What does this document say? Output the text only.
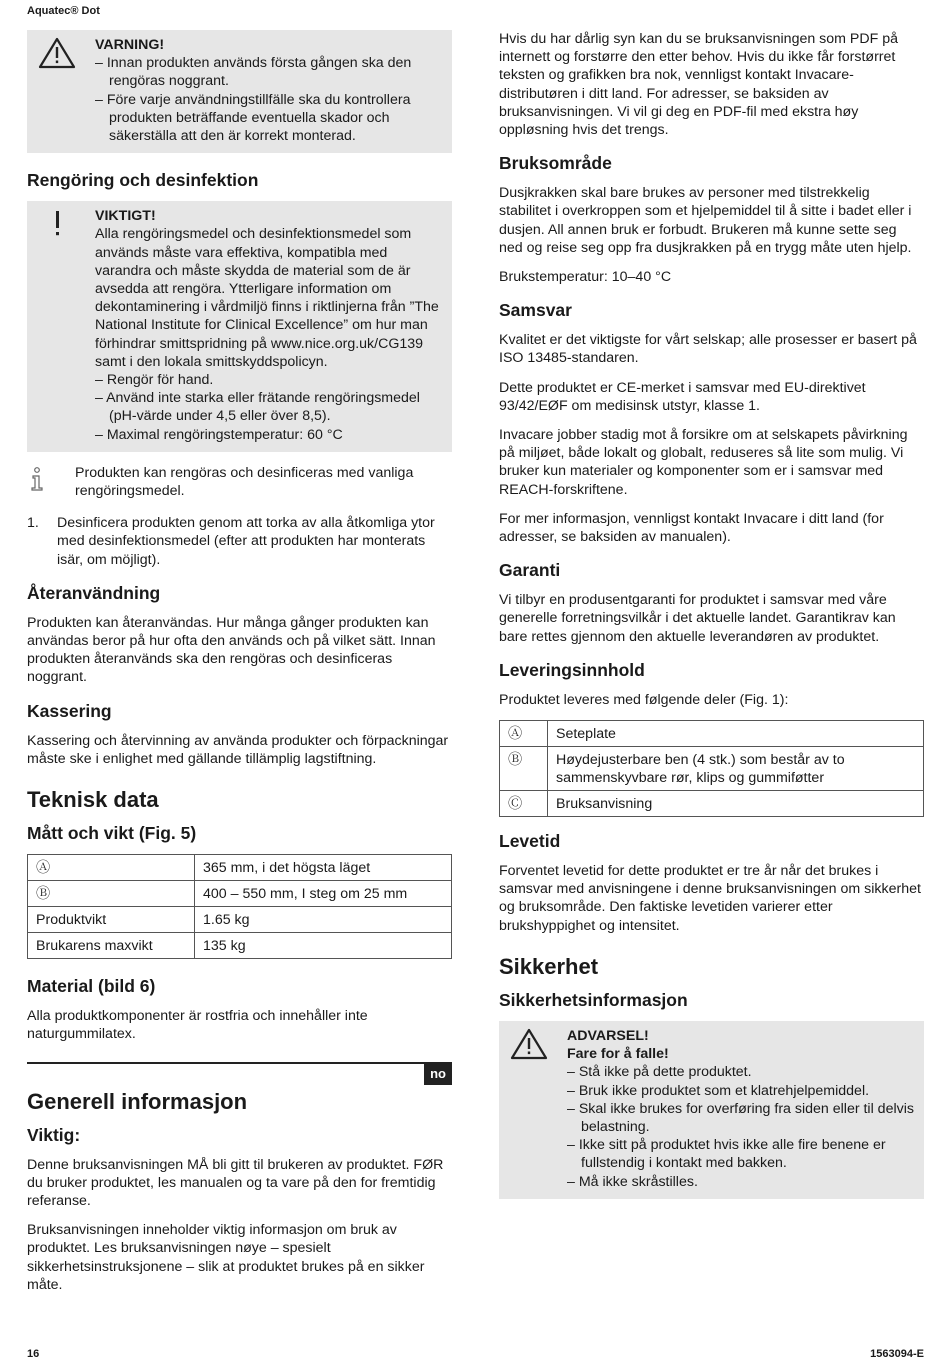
Aquatec® Dot
VARNING!
– Innan produkten används första gången ska den rengöras noggrant.
– Före varje användningstillfälle ska du kontrollera produkten beträffande eventuella skador och säkerställa att den är korrekt monterad.
Rengöring och desinfektion
VIKTIGT!
Alla rengöringsmedel och desinfektionsmedel som används måste vara effektiva, kompatibla med varandra och måste skydda de material som de är avsedda att rengöra. Ytterligare information om dekontaminering i vårdmiljö finns i riktlinjerna från ”The National Institute for Clinical Excellence” om hur man förhindrar smittspridning på www.nice.org.uk/CG139 samt i den lokala smittskyddspolicyn.
– Rengör för hand.
– Använd inte starka eller frätande rengöringsmedel (pH-värde under 4,5 eller över 8,5).
– Maximal rengöringstemperatur: 60 °C
Produkten kan rengöras och desinficeras med vanliga rengöringsmedel.
1.	Desinficera produkten genom att torka av alla åtkomliga ytor med desinfektionsmedel (efter att produkten har monterats isär, om möjligt).
Återanvändning

Produkten kan återanvändas. Hur många gånger produkten kan användas beror på hur ofta den används och på vilket sätt. Innan produkten återanvänds ska den rengöras och desinficeras noggrant.

Kassering

Kassering och återvinning av använda produkter och förpackningar måste ske i enlighet med gällande tillämplig lagstiftning.

Teknisk data
Mått och vikt (Fig. 5)
Ⓐ	365 mm, i det högsta läget
Ⓑ	400 – 550 mm, I steg om 25 mm
Produktvikt	1.65 kg
Brukarens maxvikt	135 kg
Material (bild 6)

Alla produktkomponenter är rostfria och innehåller inte naturgummilatex.

no
Generell informasjon
Viktig:

Denne bruksanvisningen MÅ bli gitt til brukeren av produktet. FØR du bruker produktet, les manualen og ta vare på den for fremtidig referanse.

Bruksanvisningen inneholder viktig informasjon om bruk av produktet. Les bruksanvisningen nøye – spesielt sikkerhetsinstruksjonene – slik at produktet brukes på en sikker måte.

Hvis du har dårlig syn kan du se bruksanvisningen som PDF på internett og forstørre den etter behov. Hvis du ikke får forstørret teksten og grafikken bra nok, vennligst kontakt Invacare-distributøren i ditt land. For adresser, se baksiden av bruksanvisningen. Vi vil gi deg en PDF-fil med ekstra høy oppløsning hvis det trengs.

Bruksområde

Dusjkrakken skal bare brukes av personer med tilstrekkelig stabilitet i overkroppen som et hjelpemiddel til å sitte i badet eller i dusjen. All annen bruk er forbudt. Brukeren må kunne sette seg ned og reise seg opp fra dusjkrakken på en trygg måte uten hjelp.

Brukstemperatur: 10–40 °C

Samsvar

Kvalitet er det viktigste for vårt selskap; alle prosesser er basert på ISO 13485-standaren.

Dette produktet er CE-merket i samsvar med EU-direktivet 93/42/EØF om medisinsk utstyr, klasse 1.

Invacare jobber stadig mot å forsikre om at selskapets påvirkning på miljøet, både lokalt og globalt, reduseres så lite som mulig. Vi bruker kun materialer og komponenter som er i samsvar med REACH-forskriftene.

For mer informasjon, vennligst kontakt Invacare i ditt land (for adresser, se baksiden av manualen).

Garanti

Vi tilbyr en produsentgaranti for produktet i samsvar med våre generelle forretningsvilkår i det aktuelle landet. Garantikrav kan bare rettes gjennom den aktuelle leverandøren av produktet.

Leveringsinnhold

Produktet leveres med følgende deler (Fig. 1):

Ⓐ	Seteplate
Ⓑ	Høydejusterbare ben (4 stk.) som består av to sammenskyvbare rør, klips og gummiføtter
Ⓒ	Bruksanvisning
Levetid

Forventet levetid for dette produktet er tre år når det brukes i samsvar med anvisningene i denne bruksanvisningen om sikkerhet og bruksområde. Den faktiske levetiden varierer etter brukshyppighet og intensitet.

Sikkerhet
Sikkerhetsinformasjon
ADVARSEL!
Fare for å falle!
– Stå ikke på dette produktet.
– Bruk ikke produktet som et klatrehjelpemiddel.
– Skal ikke brukes for overføring fra siden eller til delvis belastning.
– Ikke sitt på produktet hvis ikke alle fire benene er fullstendig i kontakt med bakken.
– Må ikke skråstilles.
16	1563094-E
